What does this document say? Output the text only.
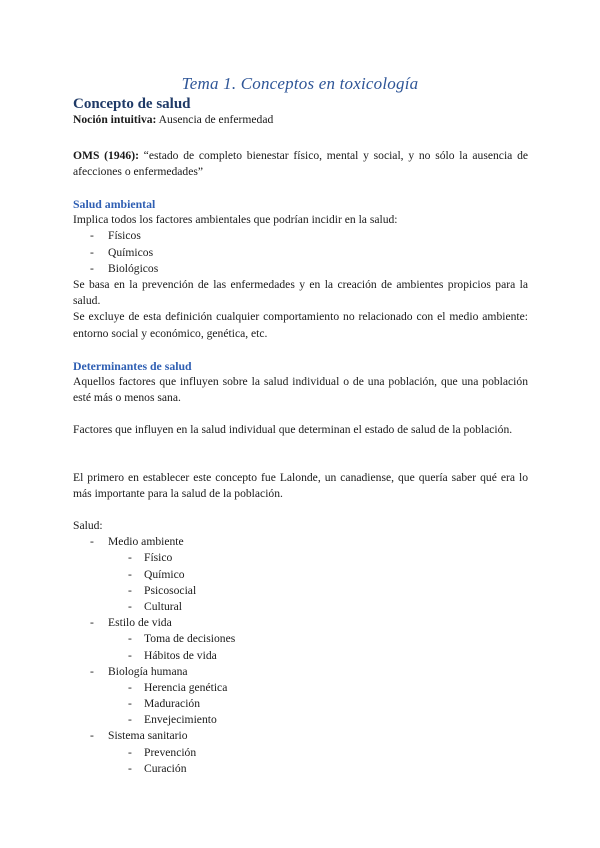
Tema 1. Conceptos en toxicología
Concepto de salud
Noción intuitiva: Ausencia de enfermedad
OMS (1946): “estado de completo bienestar físico, mental y social, y no sólo la ausencia de afecciones o enfermedades”
Salud ambiental
Implica todos los factores ambientales que podrían incidir en la salud:
- Físicos
- Químicos
- Biológicos
Se basa en la prevención de las enfermedades y en la creación de ambientes propicios para la salud.
Se excluye de esta definición cualquier comportamiento no relacionado con el medio ambiente: entorno social y económico, genética, etc.
Determinantes de salud
Aquellos factores que influyen sobre la salud individual o de una población, que una población esté más o menos sana.
Factores que influyen en la salud individual que determinan el estado de salud de la población.
El primero en establecer este concepto fue Lalonde, un canadiense, que quería saber qué era lo más importante para la salud de la población.
Salud:
- Medio ambiente
- Físico
- Químico
- Psicosocial
- Cultural
- Estilo de vida
- Toma de decisiones
- Hábitos de vida
- Biología humana
- Herencia genética
- Maduración
- Envejecimiento
- Sistema sanitario
- Prevención
- Curación
